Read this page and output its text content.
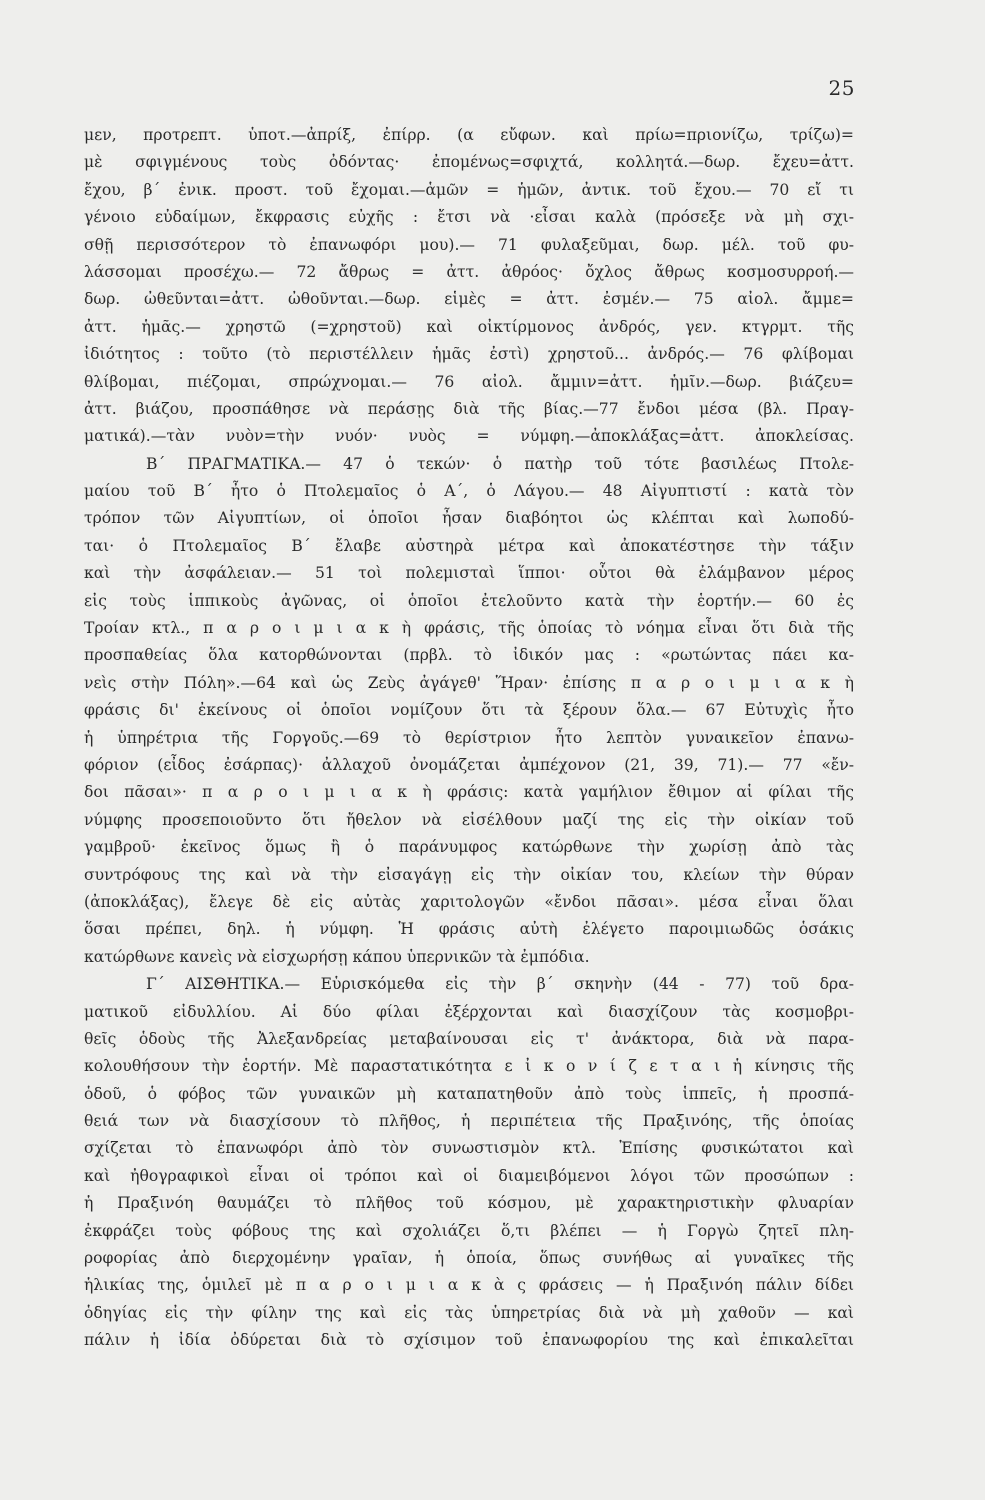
25
μεν, προτρεπτ. ὑποτ.—ἀπρίξ, ἐπίρρ. (α εὔφων. καὶ πρίω=πριονίζω, τρίζω)=
μὲ σφιγμένους τοὺς ὀδόντας· ἐπομένως=σφιχτά, κολλητά.—δωρ. ἔχευ=ἀττ.
ἔχου, β΄ ἐνικ. προστ. τοῦ ἔχομαι.—ἁμῶν = ἡμῶν, ἀντικ. τοῦ ἔχου.— 70 εἴ τι
γένοιο εὐδαίμων, ἔκφρασις εὐχῆς : ἔτσι νὰ ·εἶσαι καλὰ (πρόσεξε νὰ μὴ σχι-
σθῇ περισσότερον τὸ ἐπανωφόρι μου).— 71 φυλαξεῦμαι, δωρ. μέλ. τοῦ φυ-
λάσσομαι προσέχω.— 72 ἄθρως = ἀττ. ἀθρόος· ὄχλος ἄθρως κοσμοσυρροή.—
δωρ. ὠθεῦνται=ἀττ. ὠθοῦνται.—δωρ. εἱμὲς = ἀττ. ἐσμέν.— 75 αἰολ. ἄμμε=
ἀττ. ἡμᾶς.— χρηστῶ (=χρηστοῦ) καὶ οἰκτίρμονος ἀνδρός, γεν. κτγρμτ. τῆς
ἰδιότητος : τοῦτο (τὸ περιστέλλειν ἡμᾶς ἐστὶ) χρηστοῦ... ἀνδρός.— 76 φλίβομαι
θλίβομαι, πιέζομαι, σπρώχνομαι.— 76 αἰολ. ἄμμιν=ἀττ. ἡμῖν.—δωρ. βιάζευ=
ἀττ. βιάζου, προσπάθησε νὰ περάσῃς διὰ τῆς βίας.—77 ἔνδοι μέσα (βλ. Πραγ-
ματικά).—τὰν νυὸν=τὴν νυόν· νυὸς = νύμφη.—ἀποκλάξας=ἀττ. ἀποκλείσας.
Β΄ ΠΡΑΓΜΑΤΙΚΑ.— 47 ὁ τεκών· ὁ πατὴρ τοῦ τότε βασιλέως Πτολε-
μαίου τοῦ Β΄ ἦτο ὁ Πτολεμαῖος ὁ Α΄, ὁ Λάγου.— 48 Αἰγυπτιστί : κατὰ τὸν
τρόπον τῶν Αἰγυπτίων, οἱ ὁποῖοι ἦσαν διαβόητοι ὡς κλέπται καὶ λωποδύ-
ται· ὁ Πτολεμαῖος Β΄ ἔλαβε αὐστηρὰ μέτρα καὶ ἀποκατέστησε τὴν τάξιν
καὶ τὴν ἀσφάλειαν.— 51 τοὶ πολεμισταὶ ἵπποι· οὗτοι θὰ ἐλάμβανον μέρος
εἰς τοὺς ἱππικοὺς ἀγῶνας, οἱ ὁποῖοι ἐτελοῦντο κατὰ τὴν ἑορτήν.— 60 ἐς
Τροίαν κτλ., π α ρ ο ι μ ι α κ ὴ φράσις, τῆς ὁποίας τὸ νόημα εἶναι ὅτι διὰ τῆς
προσπαθείας ὅλα κατορθώνονται (πρβλ. τὸ ἰδικόν μας : «ρωτώντας πάει κα-
νεὶς στὴν Πόλη».—64 καὶ ὡς Ζεὺς ἀγάγεθ' Ἥραν· ἐπίσης π α ρ ο ι μ ι α κ ὴ
φράσις δι' ἐκείνους οἱ ὁποῖοι νομίζουν ὅτι τὰ ξέρουν ὅλα.— 67 Εὐτυχὶς ἦτο
ἡ ὑπηρέτρια τῆς Γοργοῦς.—69 τὸ θερίστριον ἦτο λεπτὸν γυναικεῖον ἐπανω-
φόριον (εἶδος ἐσάρπας)· ἀλλαχοῦ ὀνομάζεται ἀμπέχονον (21, 39, 71).— 77 «ἔν-
δοι πᾶσαι»· π α ρ ο ι μ ι α κ ὴ φράσις: κατὰ γαμήλιον ἔθιμον αἱ φίλαι τῆς
νύμφης προσεποιοῦντο ὅτι ἤθελον νὰ εἰσέλθουν μαζί της εἰς τὴν οἰκίαν τοῦ
γαμβροῦ· ἐκεῖνος ὅμως ἢ ὁ παράνυμφος κατώρθωνε τὴν χωρίσῃ ἀπὸ τὰς
συντρόφους της καὶ νὰ τὴν εἰσαγάγῃ εἰς τὴν οἰκίαν του, κλείων τὴν θύραν
(ἀποκλάξας), ἔλεγε δὲ εἰς αὐτὰς χαριτολογῶν «ἔνδοι πᾶσαι». μέσα εἶναι ὅλαι
ὅσαι πρέπει, δηλ. ἡ νύμφη. Ἡ φράσις αὐτὴ ἐλέγετο παροιμιωδῶς ὁσάκις
κατώρθωνε κανεὶς νὰ εἰσχωρήσῃ κάπου ὑπερνικῶν τὰ ἐμπόδια.
Γ΄ ΑΙΣΘΗΤΙΚΑ.— Εὑρισκόμεθα εἰς τὴν β΄ σκηνὴν (44 - 77) τοῦ δρα-
ματικοῦ εἰδυλλίου. Αἱ δύο φίλαι ἐξέρχονται καὶ διασχίζουν τὰς κοσμοβρι-
θεῖς ὁδοὺς τῆς Ἀλεξανδρείας μεταβαίνουσαι εἰς τ' ἀνάκτορα, διὰ νὰ παρα-
κολουθήσουν τὴν ἑορτήν. Μὲ παραστατικότητα ε ἰ κ ο ν ί ζ ε τ α ι ἡ κίνησις τῆς
ὁδοῦ, ὁ φόβος τῶν γυναικῶν μὴ καταπατηθοῦν ἀπὸ τοὺς ἱππεῖς, ἡ προσπά-
θειά των νὰ διασχίσουν τὸ πλῆθος, ἡ περιπέτεια τῆς Πραξινόης, τῆς ὁποίας
σχίζεται τὸ ἐπανωφόρι ἀπὸ τὸν συνωστισμὸν κτλ. Ἐπίσης φυσικώτατοι καὶ
καὶ ἠθογραφικοὶ εἶναι οἱ τρόποι καὶ οἱ διαμειβόμενοι λόγοι τῶν προσώπων :
ἡ Πραξινόη θαυμάζει τὸ πλῆθος τοῦ κόσμου, μὲ χαρακτηριστικὴν φλυαρίαν
ἐκφράζει τοὺς φόβους της καὶ σχολιάζει ὅ,τι βλέπει — ἡ Γοργὼ ζητεῖ πλη-
ροφορίας ἀπὸ διερχομένην γραῖαν, ἡ ὁποία, ὅπως συνήθως αἱ γυναῖκες τῆς
ἡλικίας της, ὁμιλεῖ μὲ π α ρ ο ι μ ι α κ ὰ ς φράσεις — ἡ Πραξινόη πάλιν δίδει
ὁδηγίας εἰς τὴν φίλην της καὶ εἰς τὰς ὑπηρετρίας διὰ νὰ μὴ χαθοῦν — καὶ
πάλιν ἡ ἰδία ὀδύρεται διὰ τὸ σχίσιμον τοῦ ἐπανωφορίου της καὶ ἐπικαλεῖται
